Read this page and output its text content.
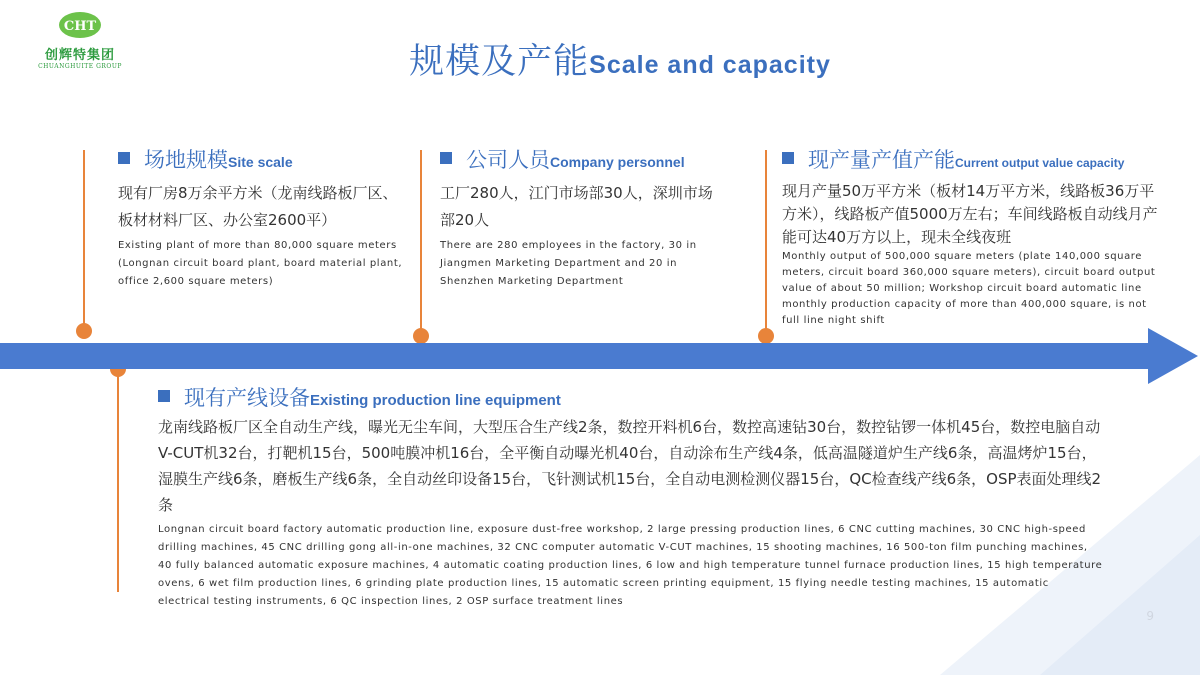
CHT
创辉特集团
CHUANGHUITE GROUP	规模及产能Scale and capacity
场地规模Site scale
现有厂房8万余平方米（龙南线路板厂区、板材材料厂区、办公室2600平）
Existing plant of more than 80,000 square meters (Longnan circuit board plant, board material plant, office 2,600 square meters)
公司人员Company personnel
工厂280人，江门市场部30人，深圳市场部20人
There are 280 employees in the factory, 30 in Jiangmen Marketing Department and 20 in Shenzhen Marketing Department
现产量产值产能Current output value capacity
现月产量50万平方米（板材14万平方米，线路板36万平方米），线路板产值5000万左右；车间线路板自动线月产能可达40万方以上，现未全线夜班
Monthly output of 500,000 square meters (plate 140,000 square meters, circuit board 360,000 square meters), circuit board output value of about 50 million; Workshop circuit board automatic line monthly production capacity of more than 400,000 square, is not full line night shift
现有产线设备Existing production line equipment
龙南线路板厂区全自动生产线，曝光无尘车间，大型压合生产线2条，数控开料机6台，数控高速钻30台，数控钻锣一体机45台，数控电脑自动V-CUT机32台，打靶机15台，500吨膜冲机16台，全平衡自动曝光机40台，自动涂布生产线4条，低高温隧道炉生产线6条，高温烤炉15台，湿膜生产线6条，磨板生产线6条，全自动丝印设备15台，飞针测试机15台，全自动电测检测仪器15台，QC检查线产线6条，OSP表面处理线2条
Longnan circuit board factory automatic production line, exposure dust-free workshop, 2 large pressing production lines, 6 CNC cutting machines, 30 CNC high-speed drilling machines, 45 CNC drilling gong all-in-one machines, 32 CNC computer automatic V-CUT machines, 15 shooting machines, 16 500-ton film punching machines, 40 fully balanced automatic exposure machines, 4 automatic coating production lines, 6 low and high temperature tunnel furnace production lines, 15 high temperature ovens, 6 wet film production lines, 6 grinding plate production lines, 15 automatic screen printing equipment, 15 flying needle testing machines, 15 automatic electrical testing instruments, 6 QC inspection lines, 2 OSP surface treatment lines
9
